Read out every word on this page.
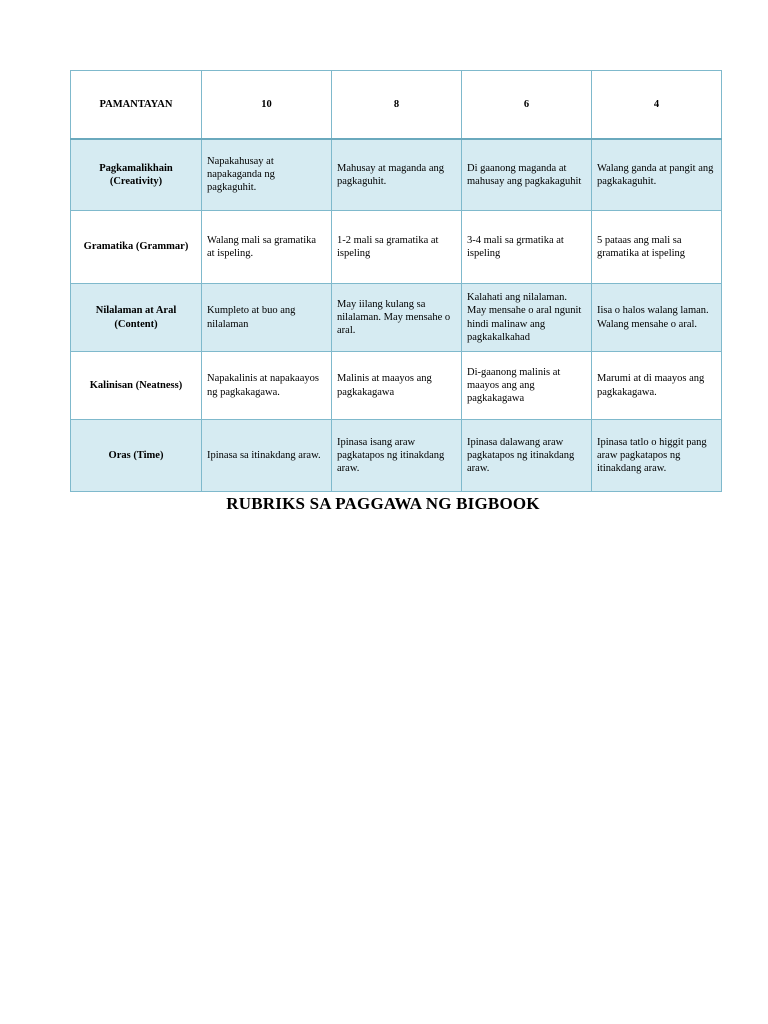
PAMANTAYAN	10	8	6	4
Pagkamalikhain (Creativity)	Napakahusay at napakaganda ng pagkaguhit.	Mahusay at maganda ang pagkaguhit.	Di gaanong maganda at mahusay ang pagkakaguhit	Walang ganda at pangit ang pagkakaguhit.
Gramatika (Grammar)	Walang mali sa gramatika at ispeling.	1-2 mali sa gramatika at ispeling	3-4 mali sa grmatika at ispeling	5 pataas ang mali sa gramatika at ispeling
Nilalaman at Aral (Content)	Kumpleto at buo ang nilalaman	May iilang kulang sa nilalaman. May mensahe o aral.	Kalahati ang nilalaman. May mensahe o aral ngunit hindi malinaw ang pagkakalkahad	Iisa o halos walang laman. Walang mensahe o aral.
Kalinisan (Neatness)	Napakalinis at napakaayos ng pagkakagawa.	Malinis at maayos ang pagkakagawa	Di-gaanong malinis at maayos ang ang pagkakagawa	Marumi at di maayos ang pagkakagawa.
Oras (Time)	Ipinasa sa itinakdang araw.	Ipinasa isang araw pagkatapos ng itinakdang araw.	Ipinasa dalawang araw pagkatapos ng itinakdang araw.	Ipinasa tatlo o higgit pang araw pagkatapos ng itinakdang araw.
RUBRIKS SA PAGGAWA NG BIGBOOK
